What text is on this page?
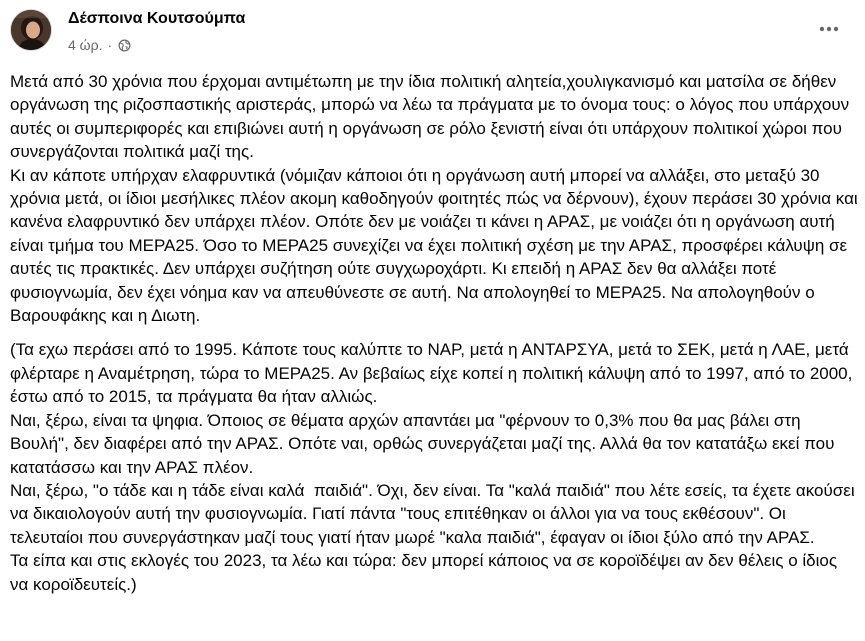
Δέσποινα Κουτσούμπα
4 ώρ. ·

Μετά από 30 χρόνια που έρχομαι αντιμέτωπη με την ίδια πολιτική αλητεία,χουλιγκανισμό και ματσίλα σε δήθεν οργάνωση της ριζοσπαστικής αριστεράς, μπορώ να λέω τα πράγματα με το όνομα τους: ο λόγος που υπάρχουν αυτές οι συμπεριφορές και επιβιώνει αυτή η οργάνωση σε ρόλο ξενιστή είναι ότι υπάρχουν πολιτικοί χώροι που συνεργάζονται πολιτικά μαζί της.
Κι αν κάποτε υπήρχαν ελαφρυντικά (νόμιζαν κάποιοι ότι η οργάνωση αυτή μπορεί να αλλάξει, στο μεταξύ 30 χρόνια μετά, οι ίδιοι μεσήλικες πλέον ακομη καθοδηγούν φοιτητές πώς να δέρνουν), έχουν περάσει 30 χρόνια και κανένα ελαφρυντικό δεν υπάρχει πλέον. Οπότε δεν με νοιάζει τι κάνει η ΑΡΑΣ, με νοιάζει ότι η οργάνωση αυτή είναι τμήμα του ΜΕΡΑ25. Όσο το ΜΕΡΑ25 συνεχίζει να έχει πολιτική σχέση με την ΑΡΑΣ, προσφέρει κάλυψη σε αυτές τις πρακτικές. Δεν υπάρχει συζήτηση ούτε συγχωροχάρτι. Κι επειδή η ΑΡΑΣ δεν θα αλλάξει ποτέ φυσιογνωμία, δεν έχει νόημα καν να απευθύνεστε σε αυτή. Να απολογηθεί το ΜΕΡΑ25. Να απολογηθούν ο Βαρουφάκης και η Διωτη.

(Τα εχω περάσει από το 1995. Κάποτε τους καλύπτε το ΝΑΡ, μετά η ΑΝΤΑΡΣΥΑ, μετά το ΣΕΚ, μετά η ΛΑΕ, μετά φλέρταρε η Αναμέτρηση, τώρα το ΜΕΡΑ25. Αν βεβαίως είχε κοπεί η πολιτική κάλυψη από το 1997, από το 2000, έστω από το 2015, τα πράγματα θα ήταν αλλιώς.
Ναι, ξέρω, είναι τα ψηφια. Όποιος σε θέματα αρχών απαντάει μα "φέρνουν το 0,3% που θα μας βάλει στη Βουλή", δεν διαφέρει από την ΑΡΑΣ. Οπότε ναι, ορθώς συνεργάζεται μαζί της. Αλλά θα τον κατατάξω εκεί που κατατάσσω και την ΑΡΑΣ πλέον.
Ναι, ξέρω, "ο τάδε και η τάδε είναι καλά  παιδιά". Όχι, δεν είναι. Τα "καλά παιδιά" που λέτε εσείς, τα έχετε ακούσει να δικαιολογούν αυτή την φυσιογνωμία. Γιατί πάντα "τους επιτέθηκαν οι άλλοι για να τους εκθέσουν". Οι τελευταίοι που συνεργάστηκαν μαζί τους γιατί ήταν μωρέ "καλα παιδιά", έφαγαν οι ίδιοι ξύλο από την ΑΡΑΣ.
Τα είπα και στις εκλογές του 2023, τα λέω και τώρα: δεν μπορεί κάποιος να σε κοροϊδέψει αν δεν θέλεις ο ίδιος να κοροϊδευτείς.)
